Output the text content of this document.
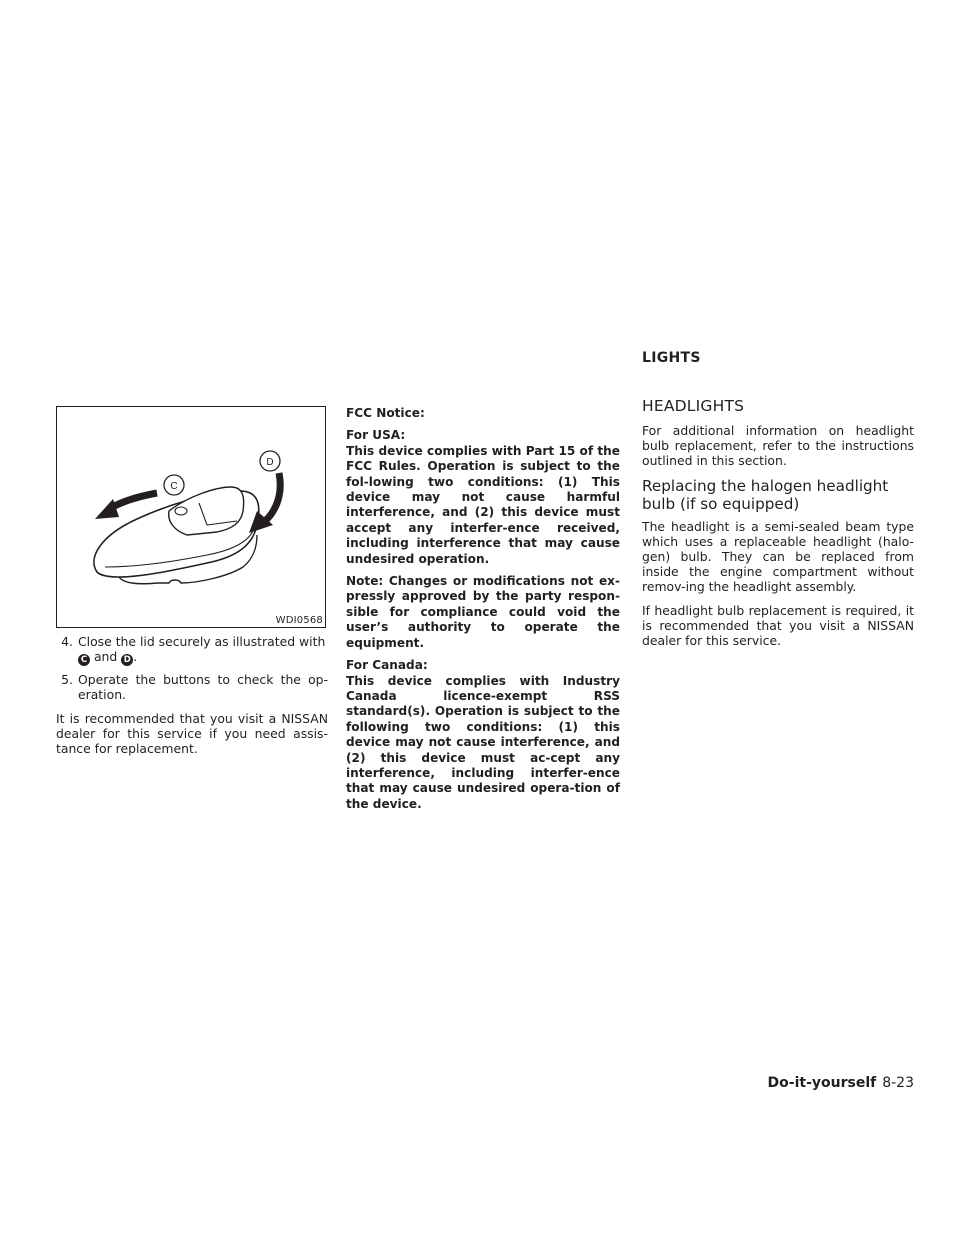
C
D
WDI0568
4. Close the lid securely as illustrated with
C and D .
5. Operate the buttons to check the op-eration.

It is recommended that you visit a NISSAN dealer for this service if you need assis-tance for replacement.

FCC Notice:

For USA:

This device complies with Part 15 of the FCC Rules. Operation is subject to the fol-lowing two conditions: (1) This device may not cause harmful interference, and (2) this device must accept any interfer-ence received, including interference that may cause undesired operation.

Note: Changes or modifications not ex-pressly approved by the party respon-sible for compliance could void the user’s authority to operate the equipment.

For Canada:

This device complies with Industry Canada licence-exempt RSS standard(s). Operation is subject to the following two conditions: (1) this device may not cause interference, and (2) this device must ac-cept any interference, including interfer-ence that may cause undesired opera-tion of the device.

LIGHTS
HEADLIGHTS

For additional information on headlight bulb replacement, refer to the instructions outlined in this section.

Replacing the halogen headlight bulb (if so equipped)

The headlight is a semi-sealed beam type which uses a replaceable headlight (halo-gen) bulb. They can be replaced from inside the engine compartment without remov-ing the headlight assembly.

If headlight bulb replacement is required, it is recommended that you visit a NISSAN dealer for this service.

Do-it-yourself 8-23
